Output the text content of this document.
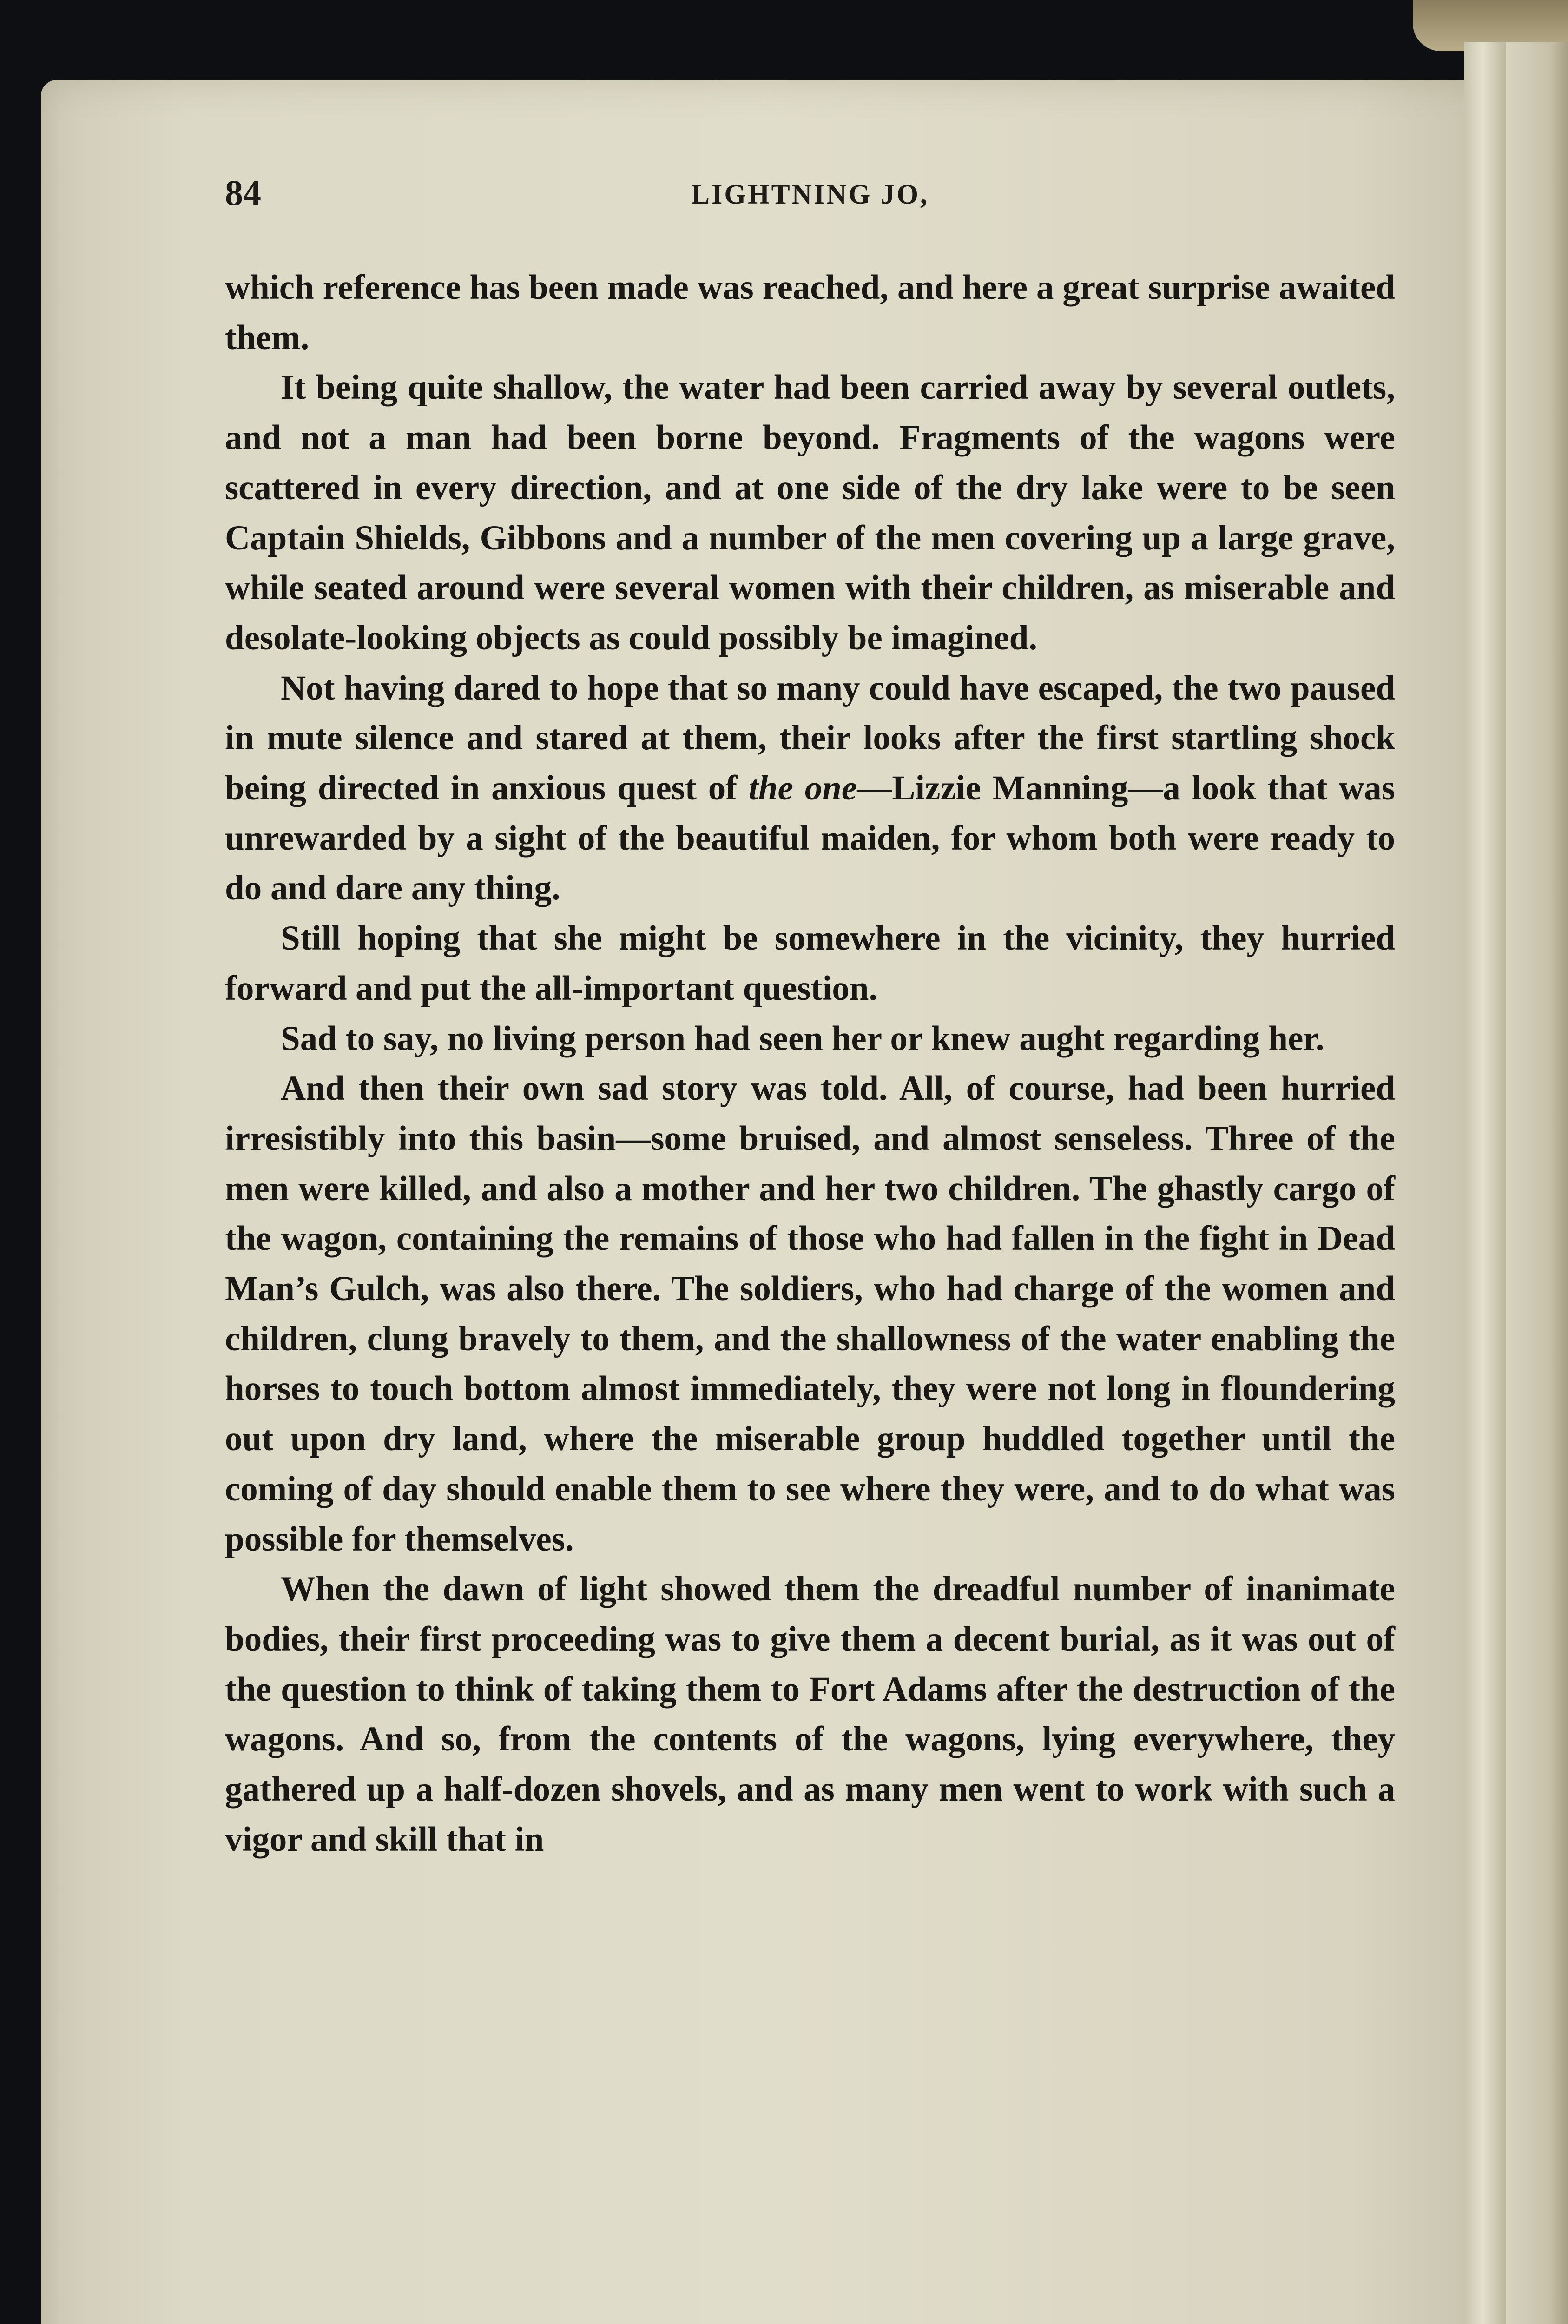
84	LIGHTNING JO,

which reference has been made was reached, and here a great surprise awaited them.

It being quite shallow, the water had been carried away by several outlets, and not a man had been borne beyond. Fragments of the wagons were scattered in every direction, and at one side of the dry lake were to be seen Captain Shields, Gibbons and a number of the men covering up a large grave, while seated around were several women with their children, as miserable and desolate-looking objects as could possibly be imagined.

Not having dared to hope that so many could have escaped, the two paused in mute silence and stared at them, their looks after the first startling shock being directed in anxious quest of the one—Lizzie Manning—a look that was unrewarded by a sight of the beautiful maiden, for whom both were ready to do and dare any thing.

Still hoping that she might be somewhere in the vicinity, they hurried forward and put the all-important question.

Sad to say, no living person had seen her or knew aught regarding her.

And then their own sad story was told. All, of course, had been hurried irresistibly into this basin—some bruised, and almost senseless. Three of the men were killed, and also a mother and her two children. The ghastly cargo of the wagon, containing the remains of those who had fallen in the fight in Dead Man’s Gulch, was also there. The soldiers, who had charge of the women and children, clung bravely to them, and the shallowness of the water enabling the horses to touch bottom almost immediately, they were not long in floundering out upon dry land, where the miserable group huddled together until the coming of day should enable them to see where they were, and to do what was possible for themselves.

When the dawn of light showed them the dreadful number of inanimate bodies, their first proceeding was to give them a decent burial, as it was out of the question to think of taking them to Fort Adams after the destruction of the wagons. And so, from the contents of the wagons, lying everywhere, they gathered up a half-dozen shovels, and as many men went to work with such a vigor and skill that in
